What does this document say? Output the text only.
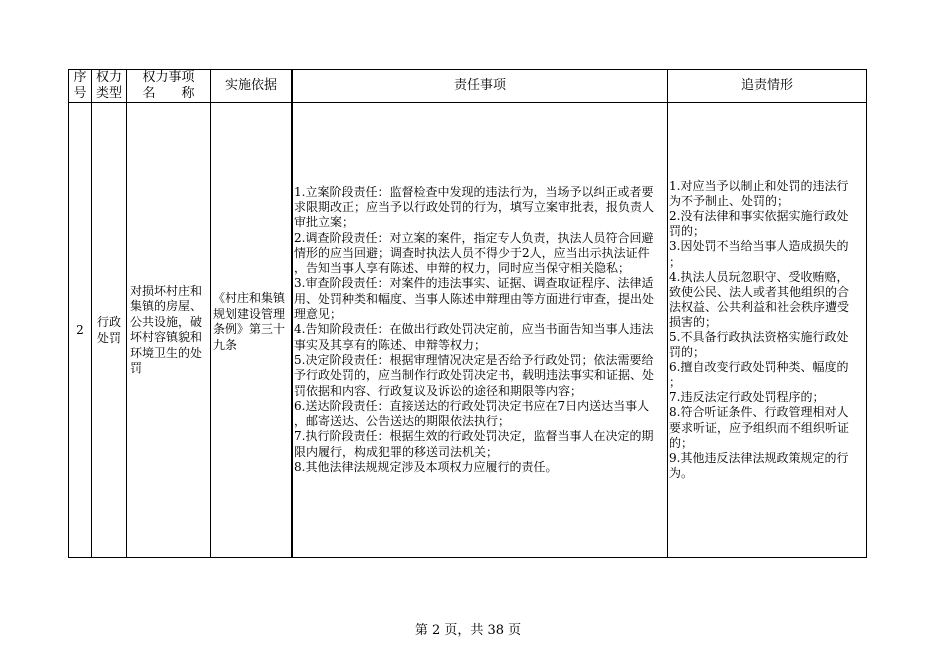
序
号
权力
类型
权力事项
名　　称
实施依据	责任事项	追责情形
2
行政
处罚
对损坏村庄和
集镇的房屋、
公共设施，破
坏村容镇貌和
环境卫生的处
罚
《村庄和集镇
规划建设管理
条例》第三十
九条
1.立案阶段责任：监督检查中发现的违法行为，当场予以纠正或者要
求限期改正；应当予以行政处罚的行为，填写立案审批表，报负责人
审批立案；
2.调查阶段责任：对立案的案件，指定专人负责，执法人员符合回避
情形的应当回避；调查时执法人员不得少于2人，应当出示执法证件
，告知当事人享有陈述、申辩的权力，同时应当保守相关隐私；
3.审查阶段责任：对案件的违法事实、证据、调查取证程序、法律适
用、处罚种类和幅度、当事人陈述申辩理由等方面进行审查，提出处
理意见；
4.告知阶段责任：在做出行政处罚决定前，应当书面告知当事人违法
事实及其享有的陈述、申辩等权力；
5.决定阶段责任：根据审理情况决定是否给予行政处罚；依法需要给
予行政处罚的，应当制作行政处罚决定书，载明违法事实和证据、处
罚依据和内容、行政复议及诉讼的途径和期限等内容；
6.送达阶段责任：直接送达的行政处罚决定书应在7日内送达当事人
，邮寄送达、公告送达的期限依法执行；
7.执行阶段责任：根据生效的行政处罚决定，监督当事人在决定的期
限内履行，构成犯罪的移送司法机关；
8.其他法律法规规定涉及本项权力应履行的责任。
1.对应当予以制止和处罚的违法行
为不予制止、处罚的；
2.没有法律和事实依据实施行政处
罚的；
3.因处罚不当给当事人造成损失的
；
4.执法人员玩忽职守、受收贿赂，
致使公民、法人或者其他组织的合
法权益、公共利益和社会秩序遭受
损害的；
5.不具备行政执法资格实施行政处
罚的；
6.擅自改变行政处罚种类、幅度的
；
7.违反法定行政处罚程序的；
8.符合听证条件、行政管理相对人
要求听证，应予组织而不组织听证
的；
9.其他违反法律法规政策规定的行
为。
第 2 页，共 38 页
